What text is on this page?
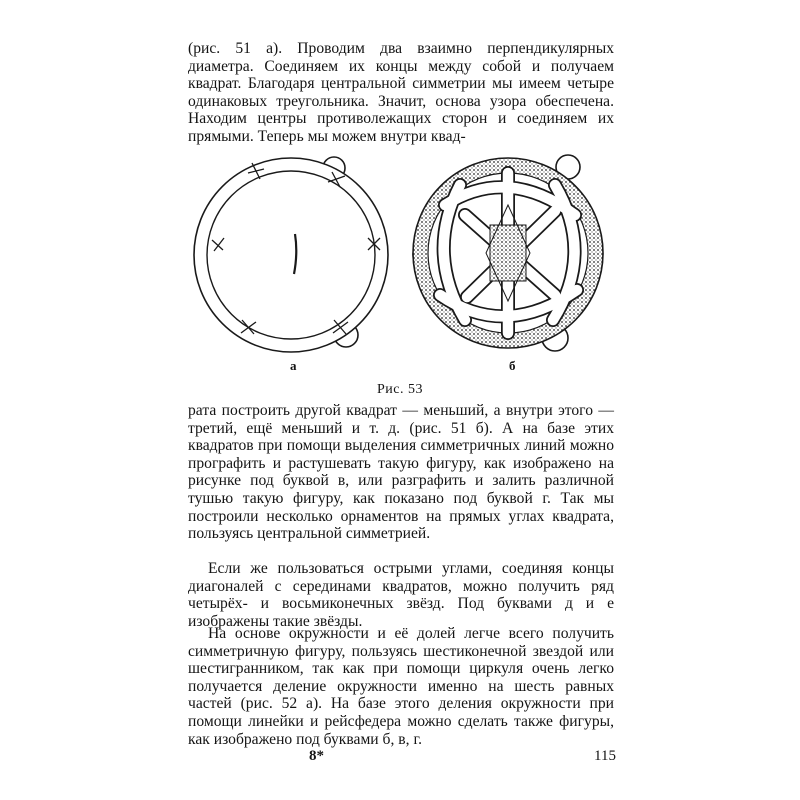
(рис. 51 а). Проводим два взаимно перпендикулярных диаметра. Соединяем их концы между собой и получаем квадрат. Благодаря центральной симметрии мы имеем четыре одинаковых треугольника. Значит, основа узора обеспечена. Находим центры противолежащих сторон и соединяем их прямыми. Теперь мы можем внутри квад-

а	б
Рис. 53

рата построить другой квадрат — меньший, а внутри этого — третий, ещё меньший и т. д. (рис. 51 б). А на базе этих квадратов при помощи выделения симметричных линий можно прографить и растушевать такую фигуру, как изображено на рисунке под буквой в, или разграфить и залить различной тушью такую фигуру, как показано под буквой г. Так мы построили несколько орнаментов на прямых углах квадрата, пользуясь центральной симметрией.

Если же пользоваться острыми углами, соединяя концы диагоналей с серединами квадратов, можно получить ряд четырёх- и восьмиконечных звёзд. Под буквами д и е изображены такие звёзды.

На основе окружности и её долей легче всего получить симметричную фигуру, пользуясь шестиконечной звездой или шестигранником, так как при помощи циркуля очень легко получается деление окружности именно на шесть равных частей (рис. 52 а). На базе этого деления окружности при помощи линейки и рейсфедера можно сделать также фигуры, как изображено под буквами б, в, г.

8*	115
